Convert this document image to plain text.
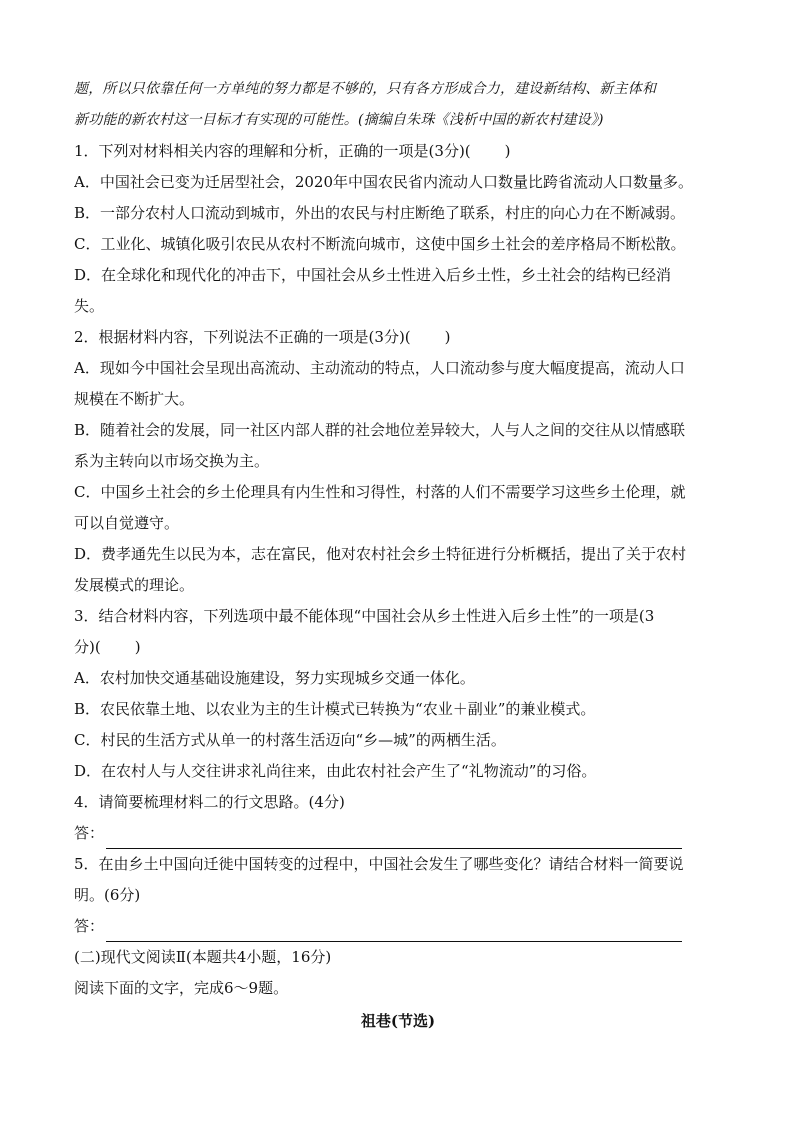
题，所以只依靠任何一方单纯的努力都是不够的，只有各方形成合力，建设新结构、新主体和
新功能的新农村这一目标才有实现的可能性。(摘编自朱珠《浅析中国的新农村建设》)
1．下列对材料相关内容的理解和分析，正确的一项是(3分)( )
A．中国社会已变为迁居型社会，2020年中国农民省内流动人口数量比跨省流动人口数量多。
B．一部分农村人口流动到城市，外出的农民与村庄断绝了联系，村庄的向心力在不断减弱。
C．工业化、城镇化吸引农民从农村不断流向城市，这使中国乡土社会的差序格局不断松散。
D．在全球化和现代化的冲击下，中国社会从乡土性进入后乡土性，乡土社会的结构已经消
失。
2．根据材料内容，下列说法不正确的一项是(3分)( )
A．现如今中国社会呈现出高流动、主动流动的特点，人口流动参与度大幅度提高，流动人口
规模在不断扩大。
B．随着社会的发展，同一社区内部人群的社会地位差异较大，人与人之间的交往从以情感联
系为主转向以市场交换为主。
C．中国乡土社会的乡土伦理具有内生性和习得性，村落的人们不需要学习这些乡土伦理，就
可以自觉遵守。
D．费孝通先生以民为本，志在富民，他对农村社会乡土特征进行分析概括，提出了关于农村
发展模式的理论。
3．结合材料内容，下列选项中最不能体现“中国社会从乡土性进入后乡土性”的一项是(3
分)( )
A．农村加快交通基础设施建设，努力实现城乡交通一体化。
B．农民依靠土地、以农业为主的生计模式已转换为“农业＋副业”的兼业模式。
C．村民的生活方式从单一的村落生活迈向“乡—城”的两栖生活。
D．在农村人与人交往讲求礼尚往来，由此农村社会产生了“礼物流动”的习俗。
4．请简要梳理材料二的行文思路。(4分)
答：
5．在由乡土中国向迁徙中国转变的过程中，中国社会发生了哪些变化？请结合材料一简要说
明。(6分)
答：
(二)现代文阅读Ⅱ(本题共4小题，16分)
阅读下面的文字，完成6～9题。
祖巷(节选)
